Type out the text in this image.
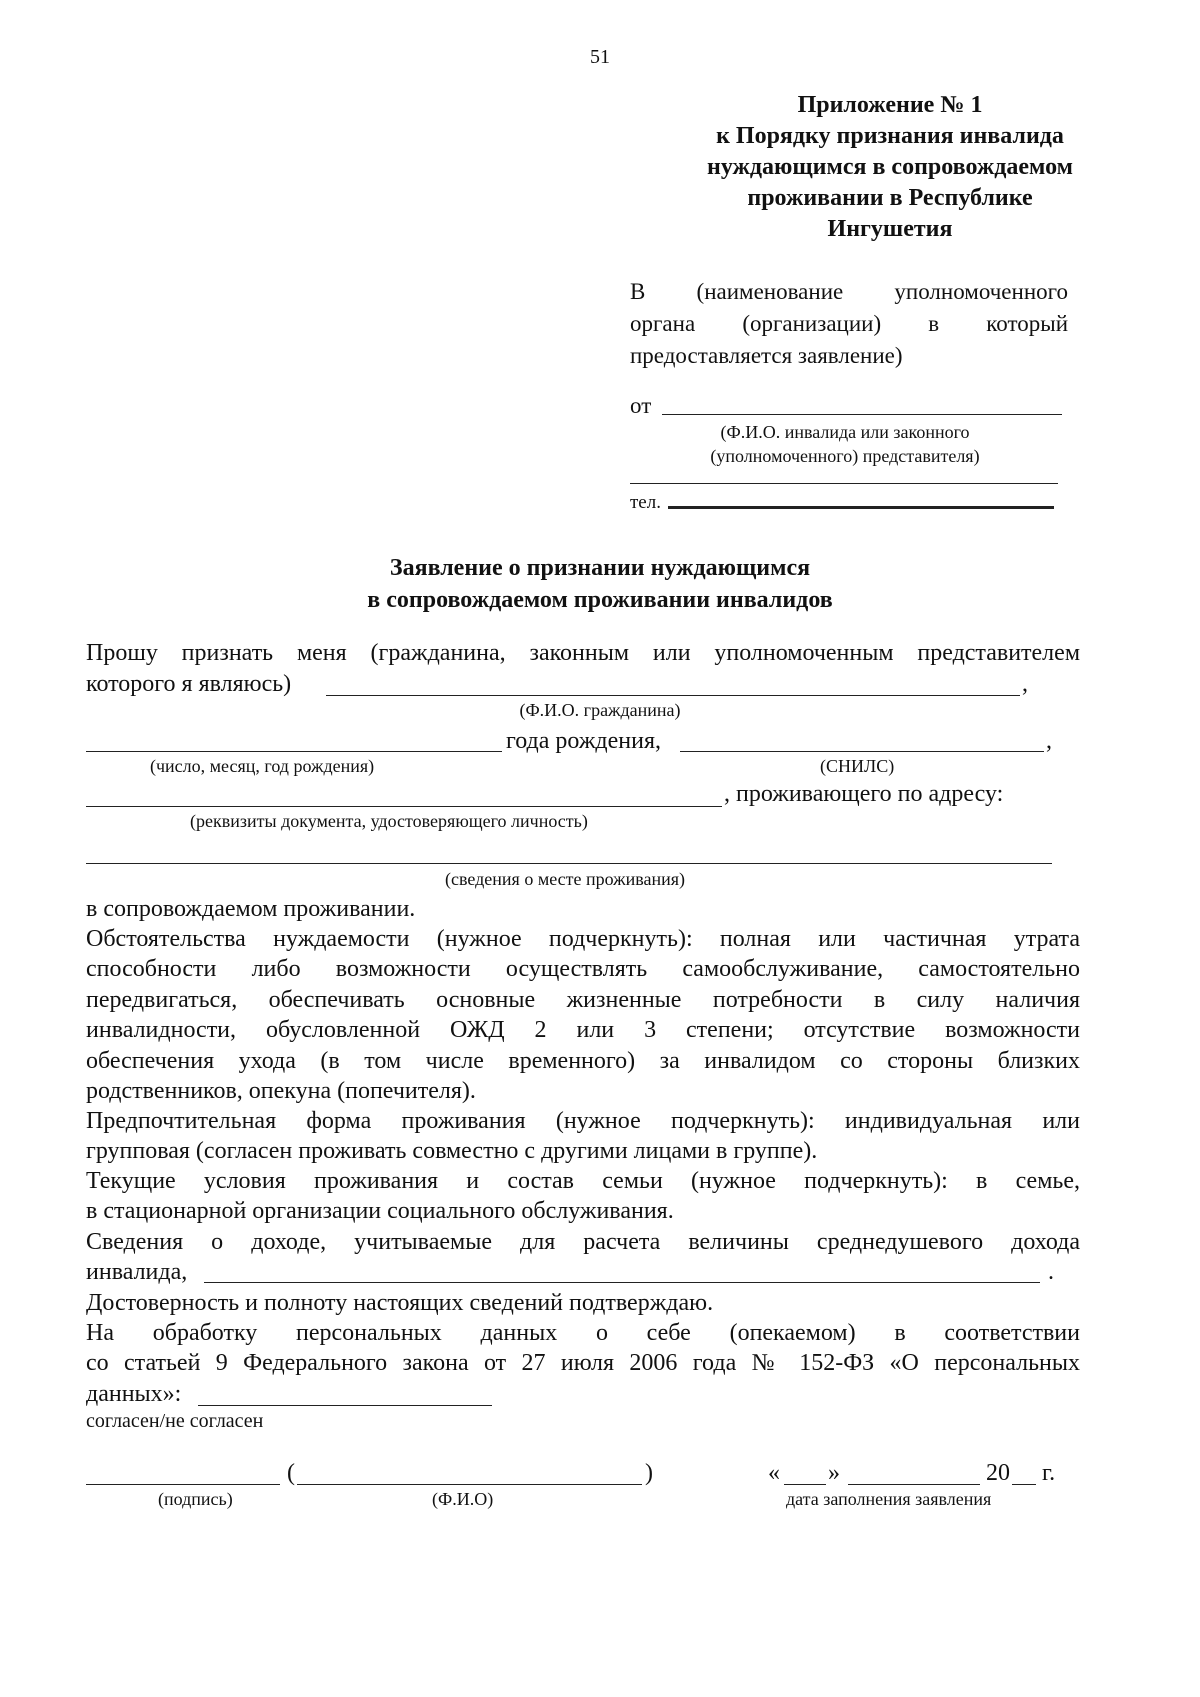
51
Приложение № 1
к Порядку признания инвалида
нуждающимся в сопровождаемом
проживании в Республике
Ингушетия
В (наименование уполномоченного
органа (организации) в который
предоставляется заявление)
от
(Ф.И.О. инвалида или законного
(уполномоченного) представителя)
тел.
Заявление о признании нуждающимся
в сопровождаемом проживании инвалидов
Прошу признать меня (гражданина, законным или уполномоченным представителем
которого я являюсь)	,
(Ф.И.О. гражданина)
года рождения,	,
(число, месяц, год рождения)	(СНИЛС)
, проживающего по адресу:
(реквизиты документа, удостоверяющего личность)
(сведения о месте проживания)
в сопровождаемом проживании.
Обстоятельства нуждаемости (нужное подчеркнуть): полная или частичная утрата
способности либо возможности осуществлять самообслуживание, самостоятельно
передвигаться, обеспечивать основные жизненные потребности в силу наличия
инвалидности, обусловленной ОЖД 2 или 3 степени; отсутствие возможности
обеспечения ухода (в том числе временного) за инвалидом со стороны близких
родственников, опекуна (попечителя).
Предпочтительная форма проживания (нужное подчеркнуть): индивидуальная или
групповая (согласен проживать совместно с другими лицами в группе).
Текущие условия проживания и состав семьи (нужное подчеркнуть): в семье,
в стационарной организации социального обслуживания.
Сведения о доходе, учитываемые для расчета величины среднедушевого дохода
инвалида,	.
Достоверность и полноту настоящих сведений подтверждаю.
На обработку персональных данных о себе (опекаемом) в соответствии
со статьей 9 Федерального закона от 27 июля 2006 года № 152-ФЗ «О персональных
данных»:
согласен/не согласен
(	)	« »	20 г.
(подпись)	(Ф.И.О)	дата заполнения заявления
